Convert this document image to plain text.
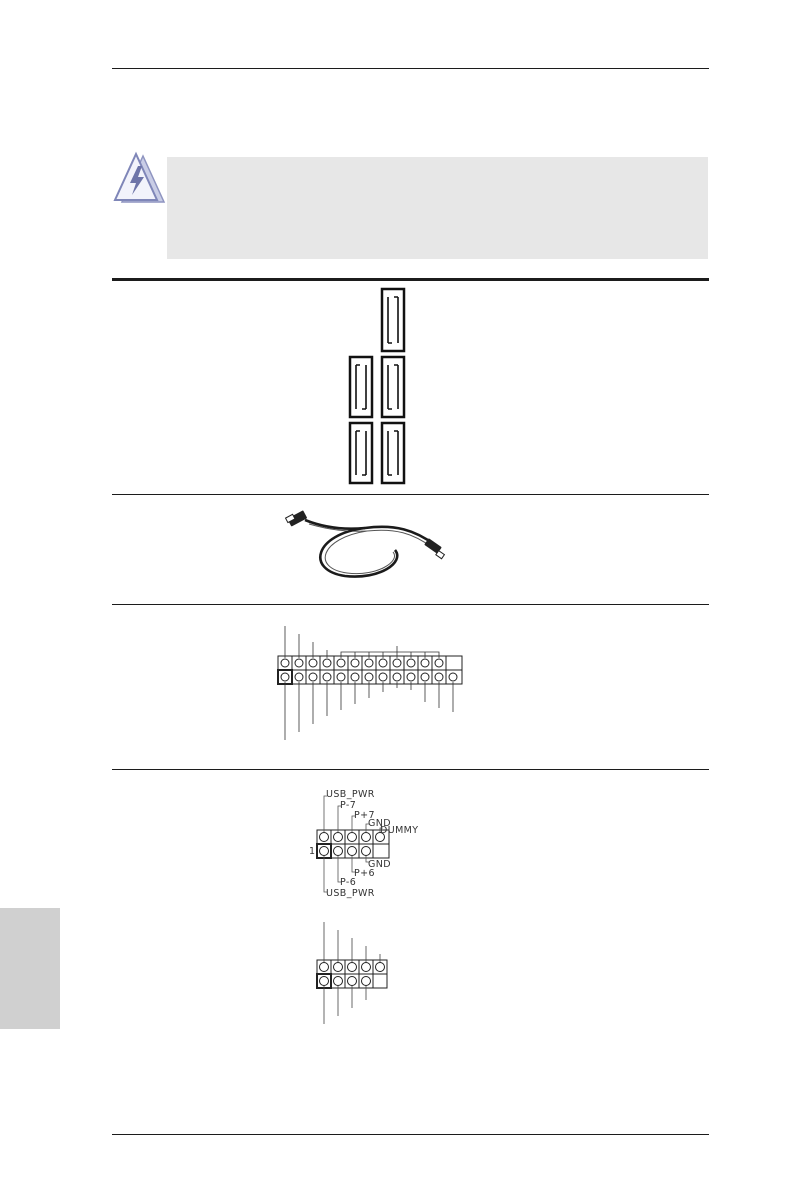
USB_PWR
P-7
P+7
GND
DUMMY
GND
P+6
P-6
USB_PWR
1
